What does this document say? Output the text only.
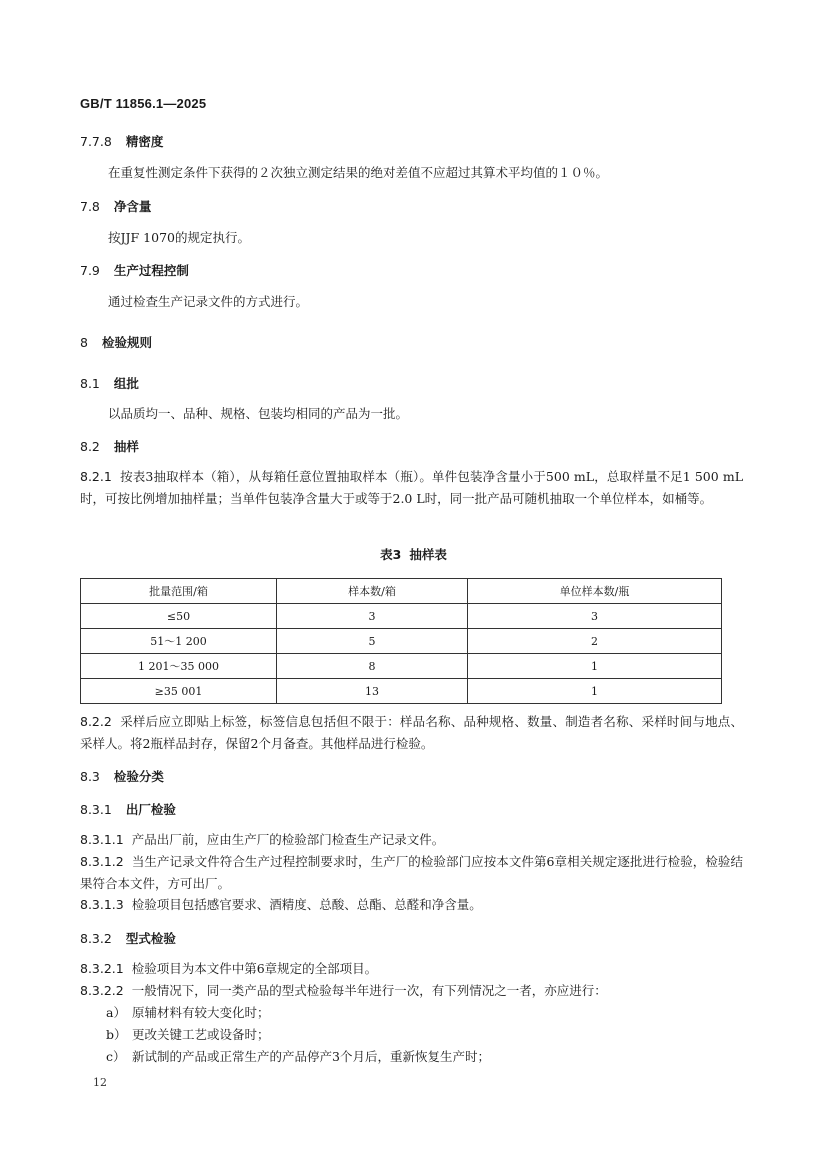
GB/T 11856.1—2025
7.7.8 精密度
在重复性测定条件下获得的２次独立测定结果的绝对差值不应超过其算术平均值的１０％。
7.8 净含量
按JJF 1070的规定执行。
7.9 生产过程控制
通过检查生产记录文件的方式进行。
8 检验规则
8.1 组批
以品质均一、品种、规格、包装均相同的产品为一批。
8.2 抽样
8.2.1 按表3抽取样本（箱），从每箱任意位置抽取样本（瓶）。单件包装净含量小于500 mL，总取样量不足1 500 mL时，可按比例增加抽样量；当单件包装净含量大于或等于2.0 L时，同一批产品可随机抽取一个单位样本，如桶等。
表3 抽样表
批量范围/箱	样本数/箱	单位样本数/瓶
≤50	3	3
51～1 200	5	2
1 201～35 000	8	1
≥35 001	13	1
8.2.2 采样后应立即贴上标签，标签信息包括但不限于：样品名称、品种规格、数量、制造者名称、采样时间与地点、采样人。将2瓶样品封存，保留2个月备查。其他样品进行检验。
8.3 检验分类
8.3.1 出厂检验
8.3.1.1 产品出厂前，应由生产厂的检验部门检查生产记录文件。
8.3.1.2 当生产记录文件符合生产过程控制要求时，生产厂的检验部门应按本文件第6章相关规定逐批进行检验，检验结果符合本文件，方可出厂。
8.3.1.3 检验项目包括感官要求、酒精度、总酸、总酯、总醛和净含量。
8.3.2 型式检验
8.3.2.1 检验项目为本文件中第6章规定的全部项目。
8.3.2.2 一般情况下，同一类产品的型式检验每半年进行一次，有下列情况之一者，亦应进行：
a） 原辅材料有较大变化时；
b） 更改关键工艺或设备时；
c） 新试制的产品或正常生产的产品停产3个月后，重新恢复生产时；
12
